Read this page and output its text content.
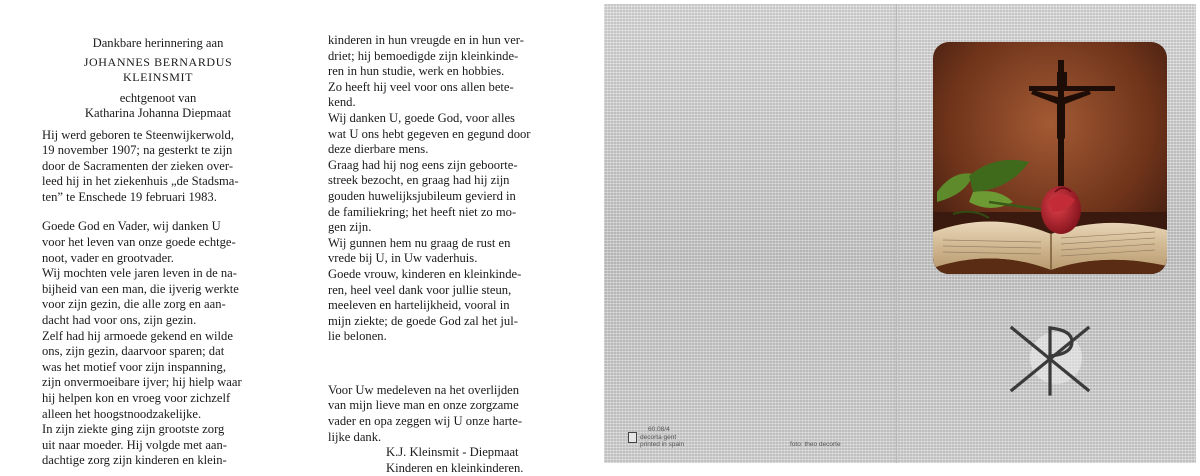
Dankbare herinnering aan

JOHANNES BERNARDUS

KLEINSMIT

echtgenoot van

Katharina Johanna Diepmaat

Hij werd geboren te Steenwijkerwold,
19 november 1907; na gesterkt te zijn
door de Sacramenten der zieken over-
leed hij in het ziekenhuis „de Stadsma-
ten” te Enschede 19 februari 1983.
Goede God en Vader, wij danken U
voor het leven van onze goede echtge-
noot, vader en grootvader.
Wij mochten vele jaren leven in de na-
bijheid van een man, die ijverig werkte
voor zijn gezin, die alle zorg en aan-
dacht had voor ons, zijn gezin.
Zelf had hij armoede gekend en wilde
ons, zijn gezin, daarvoor sparen; dat
was het motief voor zijn inspanning,
zijn onvermoeibare ijver; hij hielp waar
hij helpen kon en vroeg voor zichzelf
alleen het hoogstnoodzakelijke.
In zijn ziekte ging zijn grootste zorg
uit naar moeder. Hij volgde met aan-
dachtige zorg zijn kinderen en klein-
kinderen in hun vreugde en in hun ver-
driet; hij bemoedigde zijn kleinkinde-
ren in hun studie, werk en hobbies.
Zo heeft hij veel voor ons allen bete-
kend.
Wij danken U, goede God, voor alles
wat U ons hebt gegeven en gegund door
deze dierbare mens.
Graag had hij nog eens zijn geboorte-
streek bezocht, en graag had hij zijn
gouden huwelijksjubileum gevierd in
de familiekring; het heeft niet zo mo-
gen zijn.
Wij gunnen hem nu graag de rust en
vrede bij U, in Uw vaderhuis.
Goede vrouw, kinderen en kleinkinde-
ren, heel veel dank voor jullie steun,
meeleven en hartelijkheid, vooral in
mijn ziekte; de goede God zal het jul-
lie belonen.
Voor Uw medeleven na het overlijden
van mijn lieve man en onze zorgzame
vader en opa zeggen wij U onze harte-
lijke dank.
K.J. Kleinsmit - Diepmaat
Kinderen en kleinkinderen.
60.08/4
decorta gent
printed in spain	foto: theo decorte
